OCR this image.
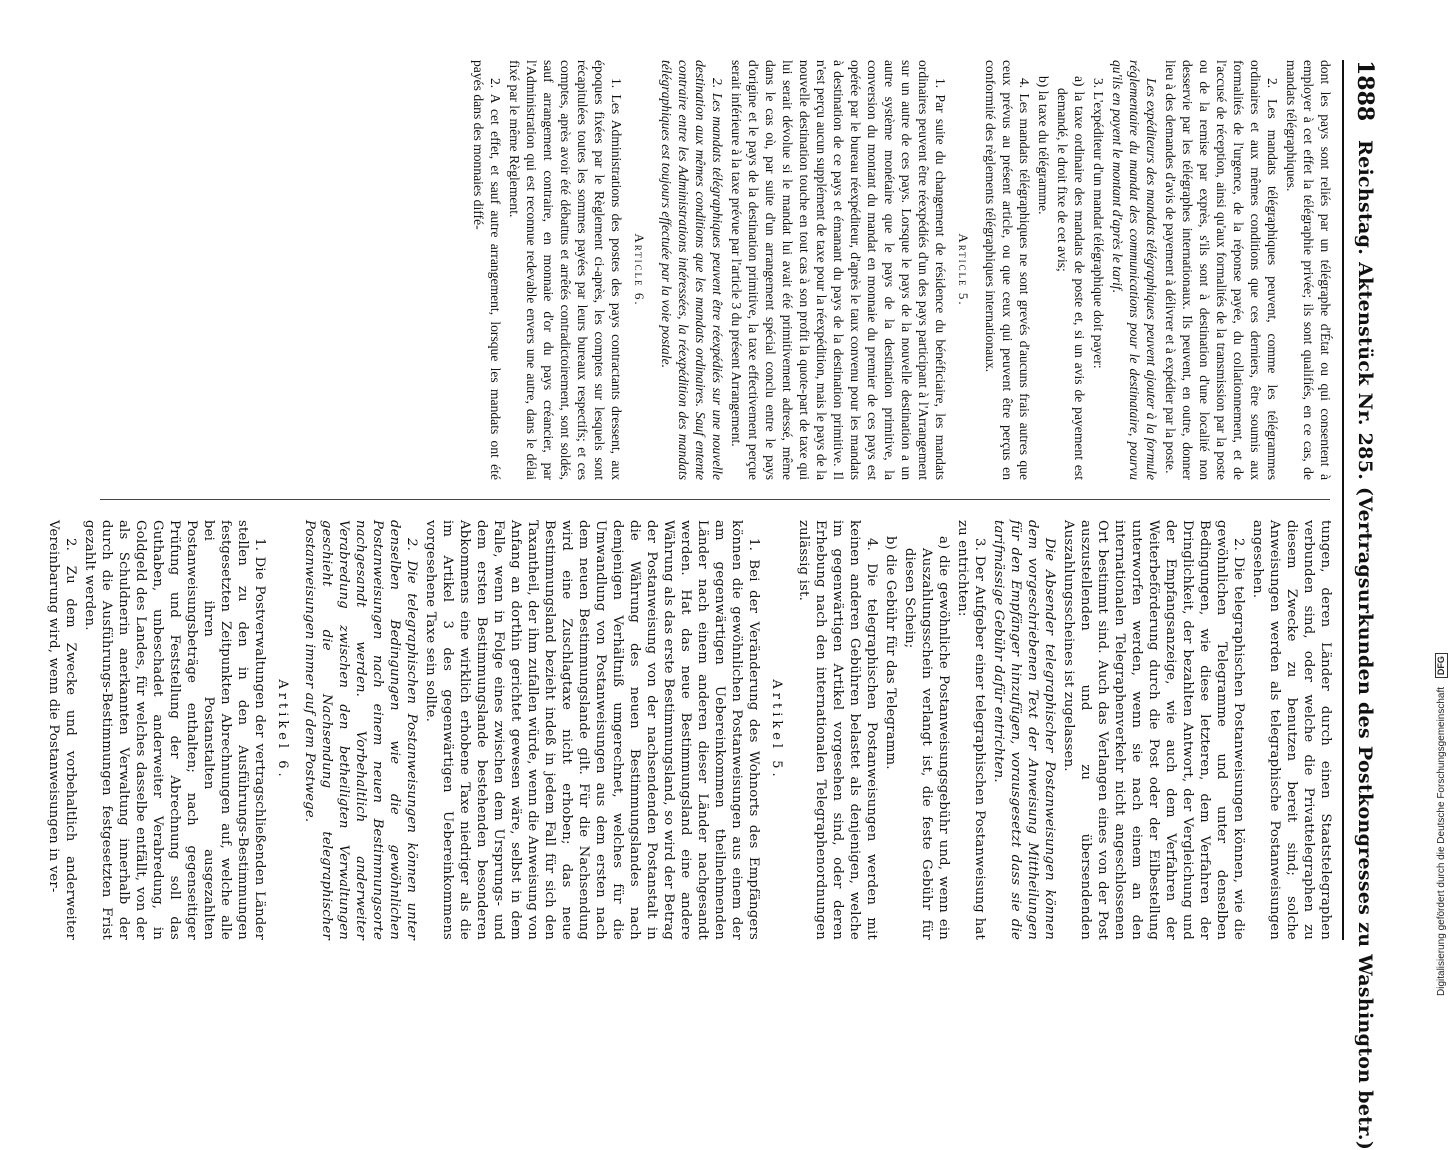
1888
Reichstag. Aktenstück Nr. 285. (Vertragsurkunden des Postkongresses zu Washington betr.)

dont les pays sont reliés par un télégraphe d'État ou qui consentent à employer à cet effet la télégraphie privée; ils sont qualifiés, en ce cas, de mandats télégraphiques.

2. Les mandats télégraphiques peuvent, comme les télégrammes ordinaires et aux mêmes conditions que ces derniers, être soumis aux formalités de l'urgence, de la réponse payée, du collationnement, et de l'accusé de réception, ainsi qu'aux formalités de la transmission par la poste ou de la remise par exprès, s'ils sont à destination d'une localité non desservie par les télégraphes internationaux. Ils peuvent, en outre, donner lieu à des demandes d'avis de payement à délivrer et à expédier par la poste.

Les expéditeurs des mandats télégraphiques peuvent ajouter à la formule réglementaire du mandat des communications pour le destinataire, pourvu qu'ils en payent le montant d'après le tarif.

3. L'expéditeur d'un mandat télégraphique doit payer:

a) la taxe ordinaire des mandats de poste et, si un avis de payement est demandé, le droit fixe de cet avis;

b) la taxe du télégramme.

4. Les mandats télégraphiques ne sont grevés d'aucuns frais autres que ceux prévus au présent article, ou que ceux qui peuvent être perçus en conformité des règlements télégraphiques internationaux.

Article 5.

1. Par suite du changement de résidence du bénéficiaire, les mandats ordinaires peuvent être réexpédiés d'un des pays participant à l'Arrangement sur un autre de ces pays. Lorsque le pays de la nouvelle destination a un autre système monétaire que le pays de la destination primitive, la conversion du montant du mandat en monnaie du premier de ces pays est opérée par le bureau réexpéditeur, d'après le taux convenu pour les mandats à destination de ce pays et émanant du pays de la destination primitive. Il n'est perçu aucun supplément de taxe pour la réexpédition, mais le pays de la nouvelle destination touche en tout cas à son profit la quote-part de taxe qui lui serait dévolue si le mandat lui avait été primitivement adressé, même dans le cas où, par suite d'un arrangement spécial conclu entre le pays d'origine et le pays de la destination primitive, la taxe effectivement perçue serait inférieure à la taxe prévue par l'article 3 du présent Arrangement.

2. Les mandats télégraphiques peuvent être réexpédiés sur une nouvelle destination aux mêmes conditions que les mandats ordinaires. Sauf entente contraire entre les Administrations intéressées, la réexpédition des mandats télégraphiques est toujours effectuée par la voie postale.

Article 6.

1. Les Administrations des postes des pays contractants dressent, aux époques fixées par le Règlement ci-après, les comptes sur lesquels sont récapitulées toutes les sommes payées par leurs bureaux respectifs; et ces comptes, après avoir été débattus et arrêtés contradictoirement, sont soldés, sauf arrangement contraire, en monnaie d'or du pays créancier, par l'Administration qui est reconnue redevable envers une autre, dans le délai fixé par le même Règlement.

2. A cet effet, et sauf autre arrangement, lorsque les mandats ont été payés dans des monnaies diffé-

tungen, deren Länder durch einen Staatstelegraphen verbunden sind, oder welche die Privattelegraphen zu diesem Zwecke zu benutzen bereit sind; solche Anweisungen werden als telegraphische Postanweisungen angesehen.

2. Die telegraphischen Postanweisungen können, wie die gewöhnlichen Telegramme und unter denselben Bedingungen, wie diese letzteren, dem Verfahren der Dringlichkeit, der bezahlten Antwort, der Vergleichung und der Empfangsanzeige, wie auch dem Verfahren der Weiterbeförderung durch die Post oder der Eilbestellung unterworfen werden, wenn sie nach einem an den internationalen Telegraphenverkehr nicht angeschlossenen Ort bestimmt sind. Auch das Verlangen eines von der Post auszustellenden und zu übersendenden Auszahlungsscheines ist zugelassen.

Die Absender telegraphischer Postanweisungen können dem vorgeschriebenen Text der Anweisung Mittheilungen für den Empfänger hinzufügen, vorausgesetzt dass sie die tarifmässige Gebühr dafür entrichten.

3. Der Aufgeber einer telegraphischen Postanweisung hat zu entrichten:

a) die gewöhnliche Postanweisungsgebühr und, wenn ein Auszahlungsschein verlangt ist, die feste Gebühr für diesen Schein;

b) die Gebühr für das Telegramm.

4. Die telegraphischen Postanweisungen werden mit keinen anderen Gebühren belastet als denjenigen, welche im gegenwärtigen Artikel vorgesehen sind, oder deren Erhebung nach den internationalen Telegraphenordnungen zulässig ist.

Artikel 5.

1. Bei der Veränderung des Wohnorts des Empfängers können die gewöhnlichen Postanweisungen aus einem der am gegenwärtigen Uebereinkommen theilnehmenden Länder nach einem anderen dieser Länder nachgesandt werden. Hat das neue Bestimmungsland eine andere Währung als das erste Bestimmungsland, so wird der Betrag der Postanweisung von der nachsendenden Postanstalt in die Währung des neuen Bestimmungslandes nach demjenigen Verhältniß umgerechnet, welches für die Umwandlung von Postanweisungen aus dem ersten nach dem neuen Bestimmungslande gilt. Für die Nachsendung wird eine Zuschlagtaxe nicht erhoben; das neue Bestimmungsland bezieht indeß in jedem Fall für sich den Taxantheil, der ihm zufallen würde, wenn die Anweisung von Anfang an dorthin gerichtet gewesen wäre, selbst in dem Falle, wenn in Folge eines zwischen dem Ursprungs- und dem ersten Bestimmungslande bestehenden besonderen Abkommens eine wirklich erhobene Taxe niedriger als die im Artikel 3 des gegenwärtigen Uebereinkommens vorgesehene Taxe sein sollte.

2. Die telegraphischen Postanweisungen können unter denselben Bedingungen wie die gewöhnlichen Postanweisungen nach einem neuen Bestimmungsorte nachgesandt werden. Vorbehaltlich anderweiter Verabredung zwischen den betheiligten Verwaltungen geschieht die Nachsendung telegraphischer Postanweisungen immer auf dem Postwege.

Artikel 6.

1. Die Postverwaltungen der vertragschließenden Länder stellen zu den in den Ausführungs-Bestimmungen festgesetzten Zeitpunkten Abrechnungen auf, welche alle bei ihren Postanstalten ausgezahlten Postanweisungsbeträge enthalten; nach gegenseitiger Prüfung und Feststellung der Abrechnung soll das Guthaben, unbeschadet anderweiter Verabredung, in Goldgeld des Landes, für welches dasselbe entfällt, von der als Schuldnerin anerkannten Verwaltung innerhalb der durch die Ausführungs-Bestimmungen festgesetzten Frist gezahlt werden.

2. Zu dem Zwecke und vorbehaltlich anderweiter Vereinbarung wird, wenn die Postanweisungen in ver-	Digitalisierung gefördert durch die Deutsche Forschungsgemeinschaft DFG
